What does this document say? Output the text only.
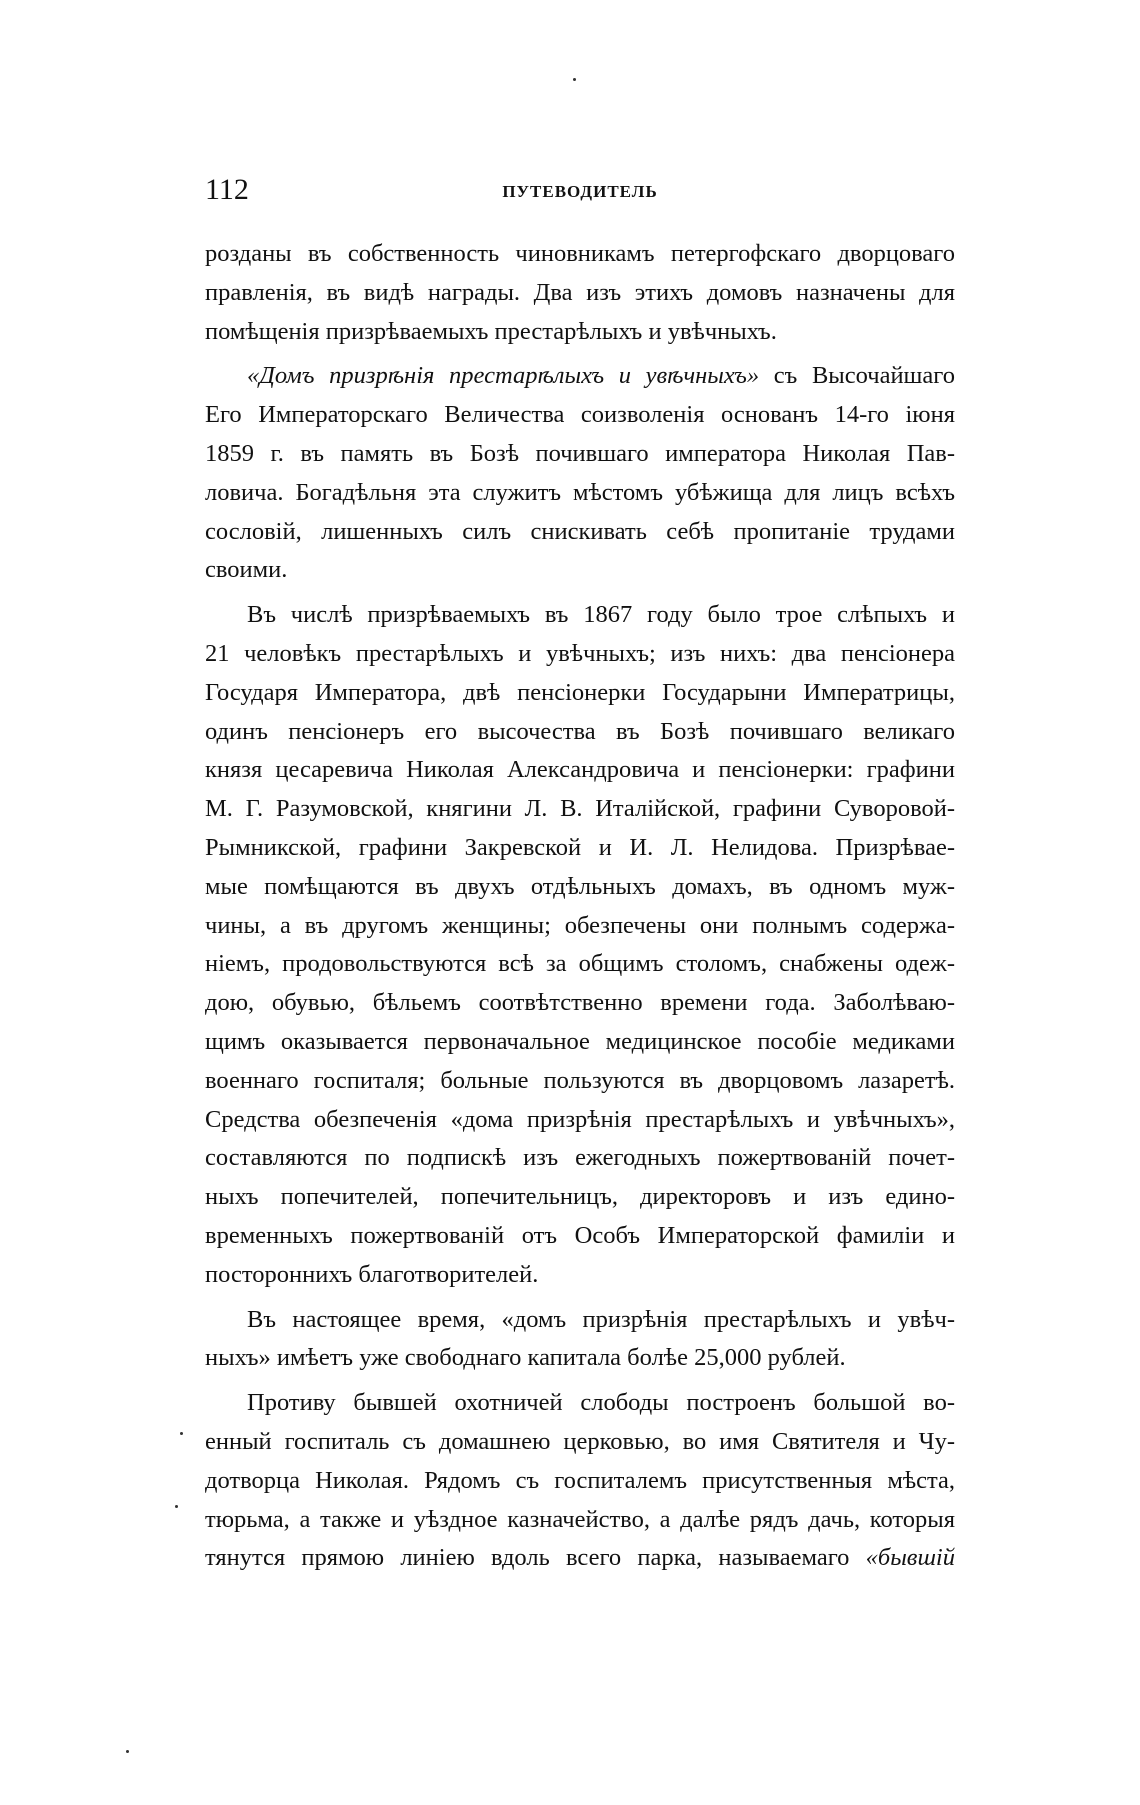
112	ПУТЕВОДИТЕЛЬ

розданы въ собственность чиновникамъ петергофскаго дворцоваго
правленія, въ видѣ награды. Два изъ этихъ домовъ назначены для
помѣщенія призрѣваемыхъ престарѣлыхъ и увѣчныхъ.

«Домъ призрѣнія престарѣлыхъ и увѣчныхъ» съ Высочайшаго
Его Императорскаго Величества соизволенія основанъ 14-го іюня
1859 г. въ память въ Бозѣ почившаго императора Николая Пав-
ловича. Богадѣльня эта служитъ мѣстомъ убѣжища для лицъ всѣхъ
сословій, лишенныхъ силъ снискивать себѣ пропитаніе трудами
своими.

Въ числѣ призрѣваемыхъ въ 1867 году было трое слѣпыхъ и
21 человѣкъ престарѣлыхъ и увѣчныхъ; изъ нихъ: два пенсіонера
Государя Императора, двѣ пенсіонерки Государыни Императрицы,
одинъ пенсіонеръ его высочества въ Бозѣ почившаго великаго
князя цесаревича Николая Александровича и пенсіонерки: графини
М. Г. Разумовской, княгини Л. В. Италійской, графини Суворовой-
Рымникской, графини Закревской и И. Л. Нелидова. Призрѣвае-
мые помѣщаются въ двухъ отдѣльныхъ домахъ, въ одномъ муж-
чины, а въ другомъ женщины; обезпечены они полнымъ содержа-
ніемъ, продовольствуются всѣ за общимъ столомъ, снабжены одеж-
дою, обувью, бѣльемъ соотвѣтственно времени года. Заболѣваю-
щимъ оказывается первоначальное медицинское пособіе медиками
военнаго госпиталя; больные пользуются въ дворцовомъ лазаретѣ.
Средства обезпеченія «дома призрѣнія престарѣлыхъ и увѣчныхъ»,
составляются по подпискѣ изъ ежегодныхъ пожертвованій почет-
ныхъ попечителей, попечительницъ, директоровъ и изъ едино-
временныхъ пожертвованій отъ Особъ Императорской фамиліи и
постороннихъ благотворителей.

Въ настоящее время, «домъ призрѣнія престарѣлыхъ и увѣч-
ныхъ» имѣетъ уже свободнаго капитала болѣе 25,000 рублей.

Противу бывшей охотничей слободы построенъ большой во-
енный госпиталь съ домашнею церковью, во имя Святителя и Чу-
дотворца Николая. Рядомъ съ госпиталемъ присутственныя мѣста,
тюрьма, а также и уѣздное казначейство, а далѣе рядъ дачь, которыя
тянутся прямою линіею вдоль всего парка, называемаго «бывшій
